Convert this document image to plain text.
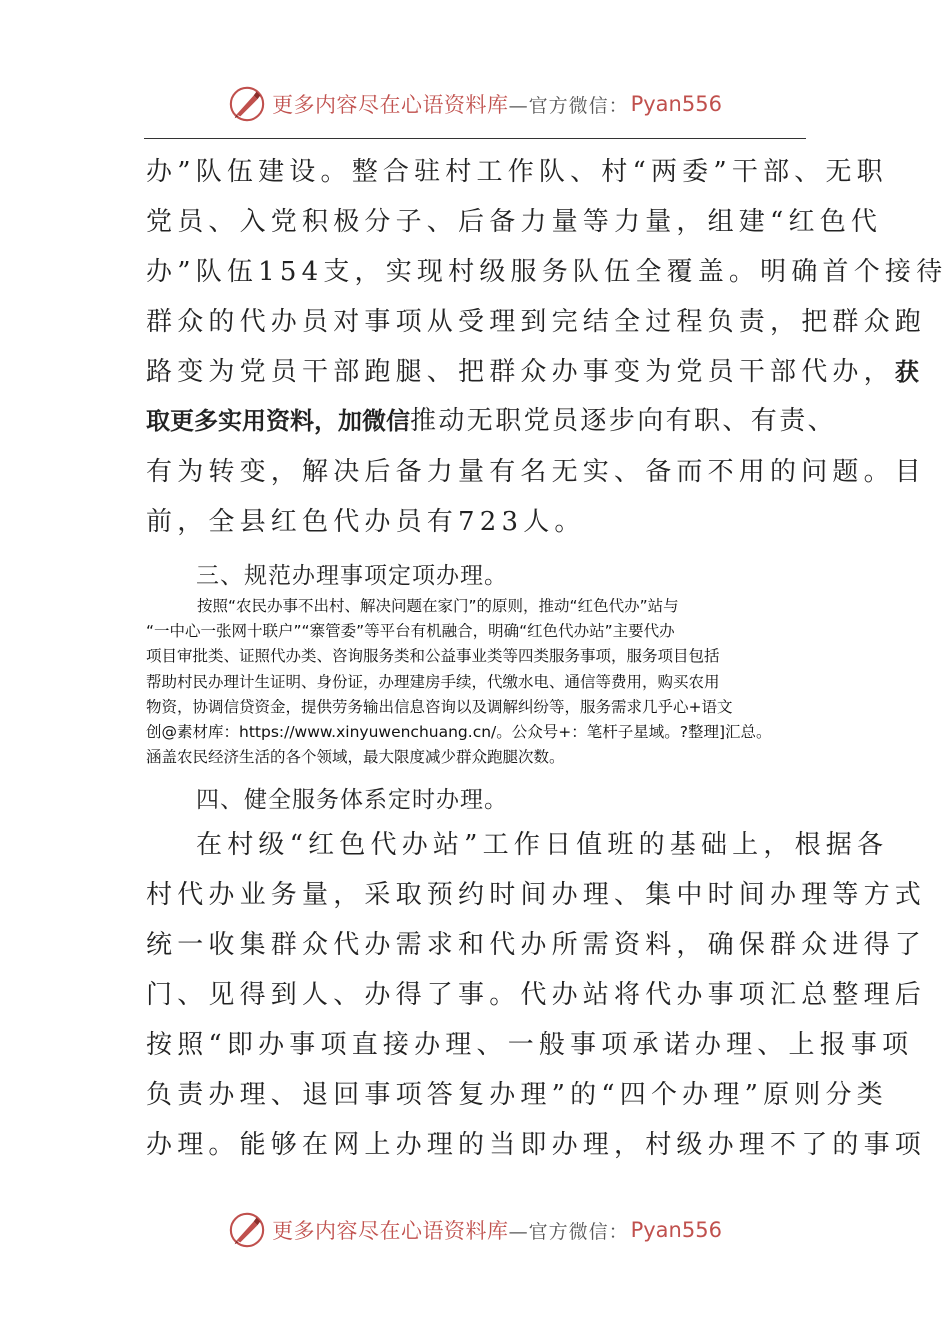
更多内容尽在心语资料库 —官方微信： Pyan556
办”队伍建设。整合驻村工作队、村“两委”干部、无职
党员、入党积极分子、后备力量等力量，组建“红色代
办”队伍154支，实现村级服务队伍全覆盖。明确首个接待
群众的代办员对事项从受理到完结全过程负责，把群众跑
路变为党员干部跑腿、把群众办事变为党员干部代办，获
取更多实用资料，加微信推动无职党员逐步向有职、有责、
有为转变，解决后备力量有名无实、备而不用的问题。目
前，全县红色代办员有723人。
三、规范办理事项定项办理。
按照“农民办事不出村、解决问题在家门”的原则，推动“红色代办”站与
“一中心一张网十联户”“寨管委”等平台有机融合，明确“红色代办站”主要代办
项目审批类、证照代办类、咨询服务类和公益事业类等四类服务事项，服务项目包括
帮助村民办理计生证明、身份证，办理建房手续，代缴水电、通信等费用，购买农用
物资，协调信贷资金，提供劳务输出信息咨询以及调解纠纷等，服务需求几乎心+语文
创@素材库：https://www.xinyuwenchuang.cn/。公众号+：笔杆子星域。?整理]汇总。
涵盖农民经济生活的各个领域，最大限度减少群众跑腿次数。
四、健全服务体系定时办理。
在村级“红色代办站”工作日值班的基础上，根据各
村代办业务量，采取预约时间办理、集中时间办理等方式
统一收集群众代办需求和代办所需资料，确保群众进得了
门、见得到人、办得了事。代办站将代办事项汇总整理后
按照“即办事项直接办理、一般事项承诺办理、上报事项
负责办理、退回事项答复办理”的“四个办理”原则分类
办理。能够在网上办理的当即办理，村级办理不了的事项
更多内容尽在心语资料库 —官方微信： Pyan556
